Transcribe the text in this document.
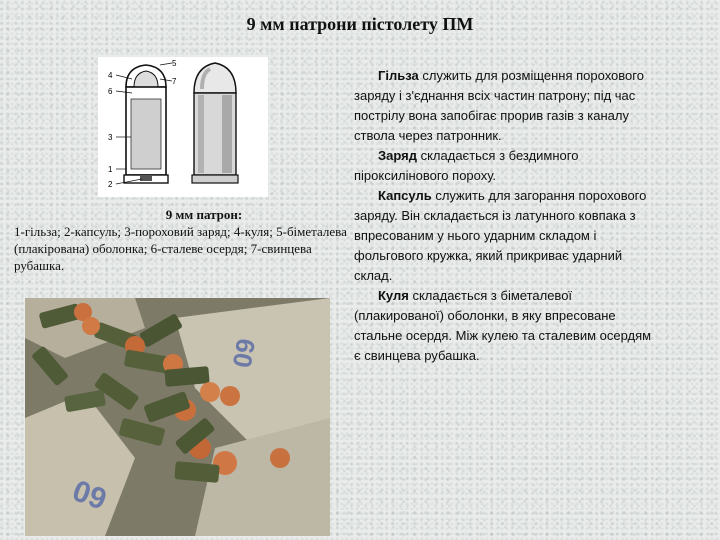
9 мм патрони пістолету ПМ
5
4
6
7
3
1
2
9 мм патрон:
1-гільза; 2-капсуль; 3-пороховий заряд; 4-куля; 5-біметалева (плакірована) оболонка; 6-сталеве осердя; 7-свинцева рубашка.
60
60

Гільза служить для розміщення порохового заряду і з'єднання всіх частин патрону; під час пострілу вона запобігає прорив газів з каналу ствола через патронник.

Заряд складається з бездимного піроксилінового пороху.

Капсуль служить для загорання порохового заряду. Він складається із латунного ковпака з впресованим у нього ударним складом і фольгового кружка, який прикриває ударний склад.

Куля складається з біметалевої (плакированої) оболонки, в яку впресоване стальне осердя. Між кулею та сталевим осердям є свинцева рубашка.
